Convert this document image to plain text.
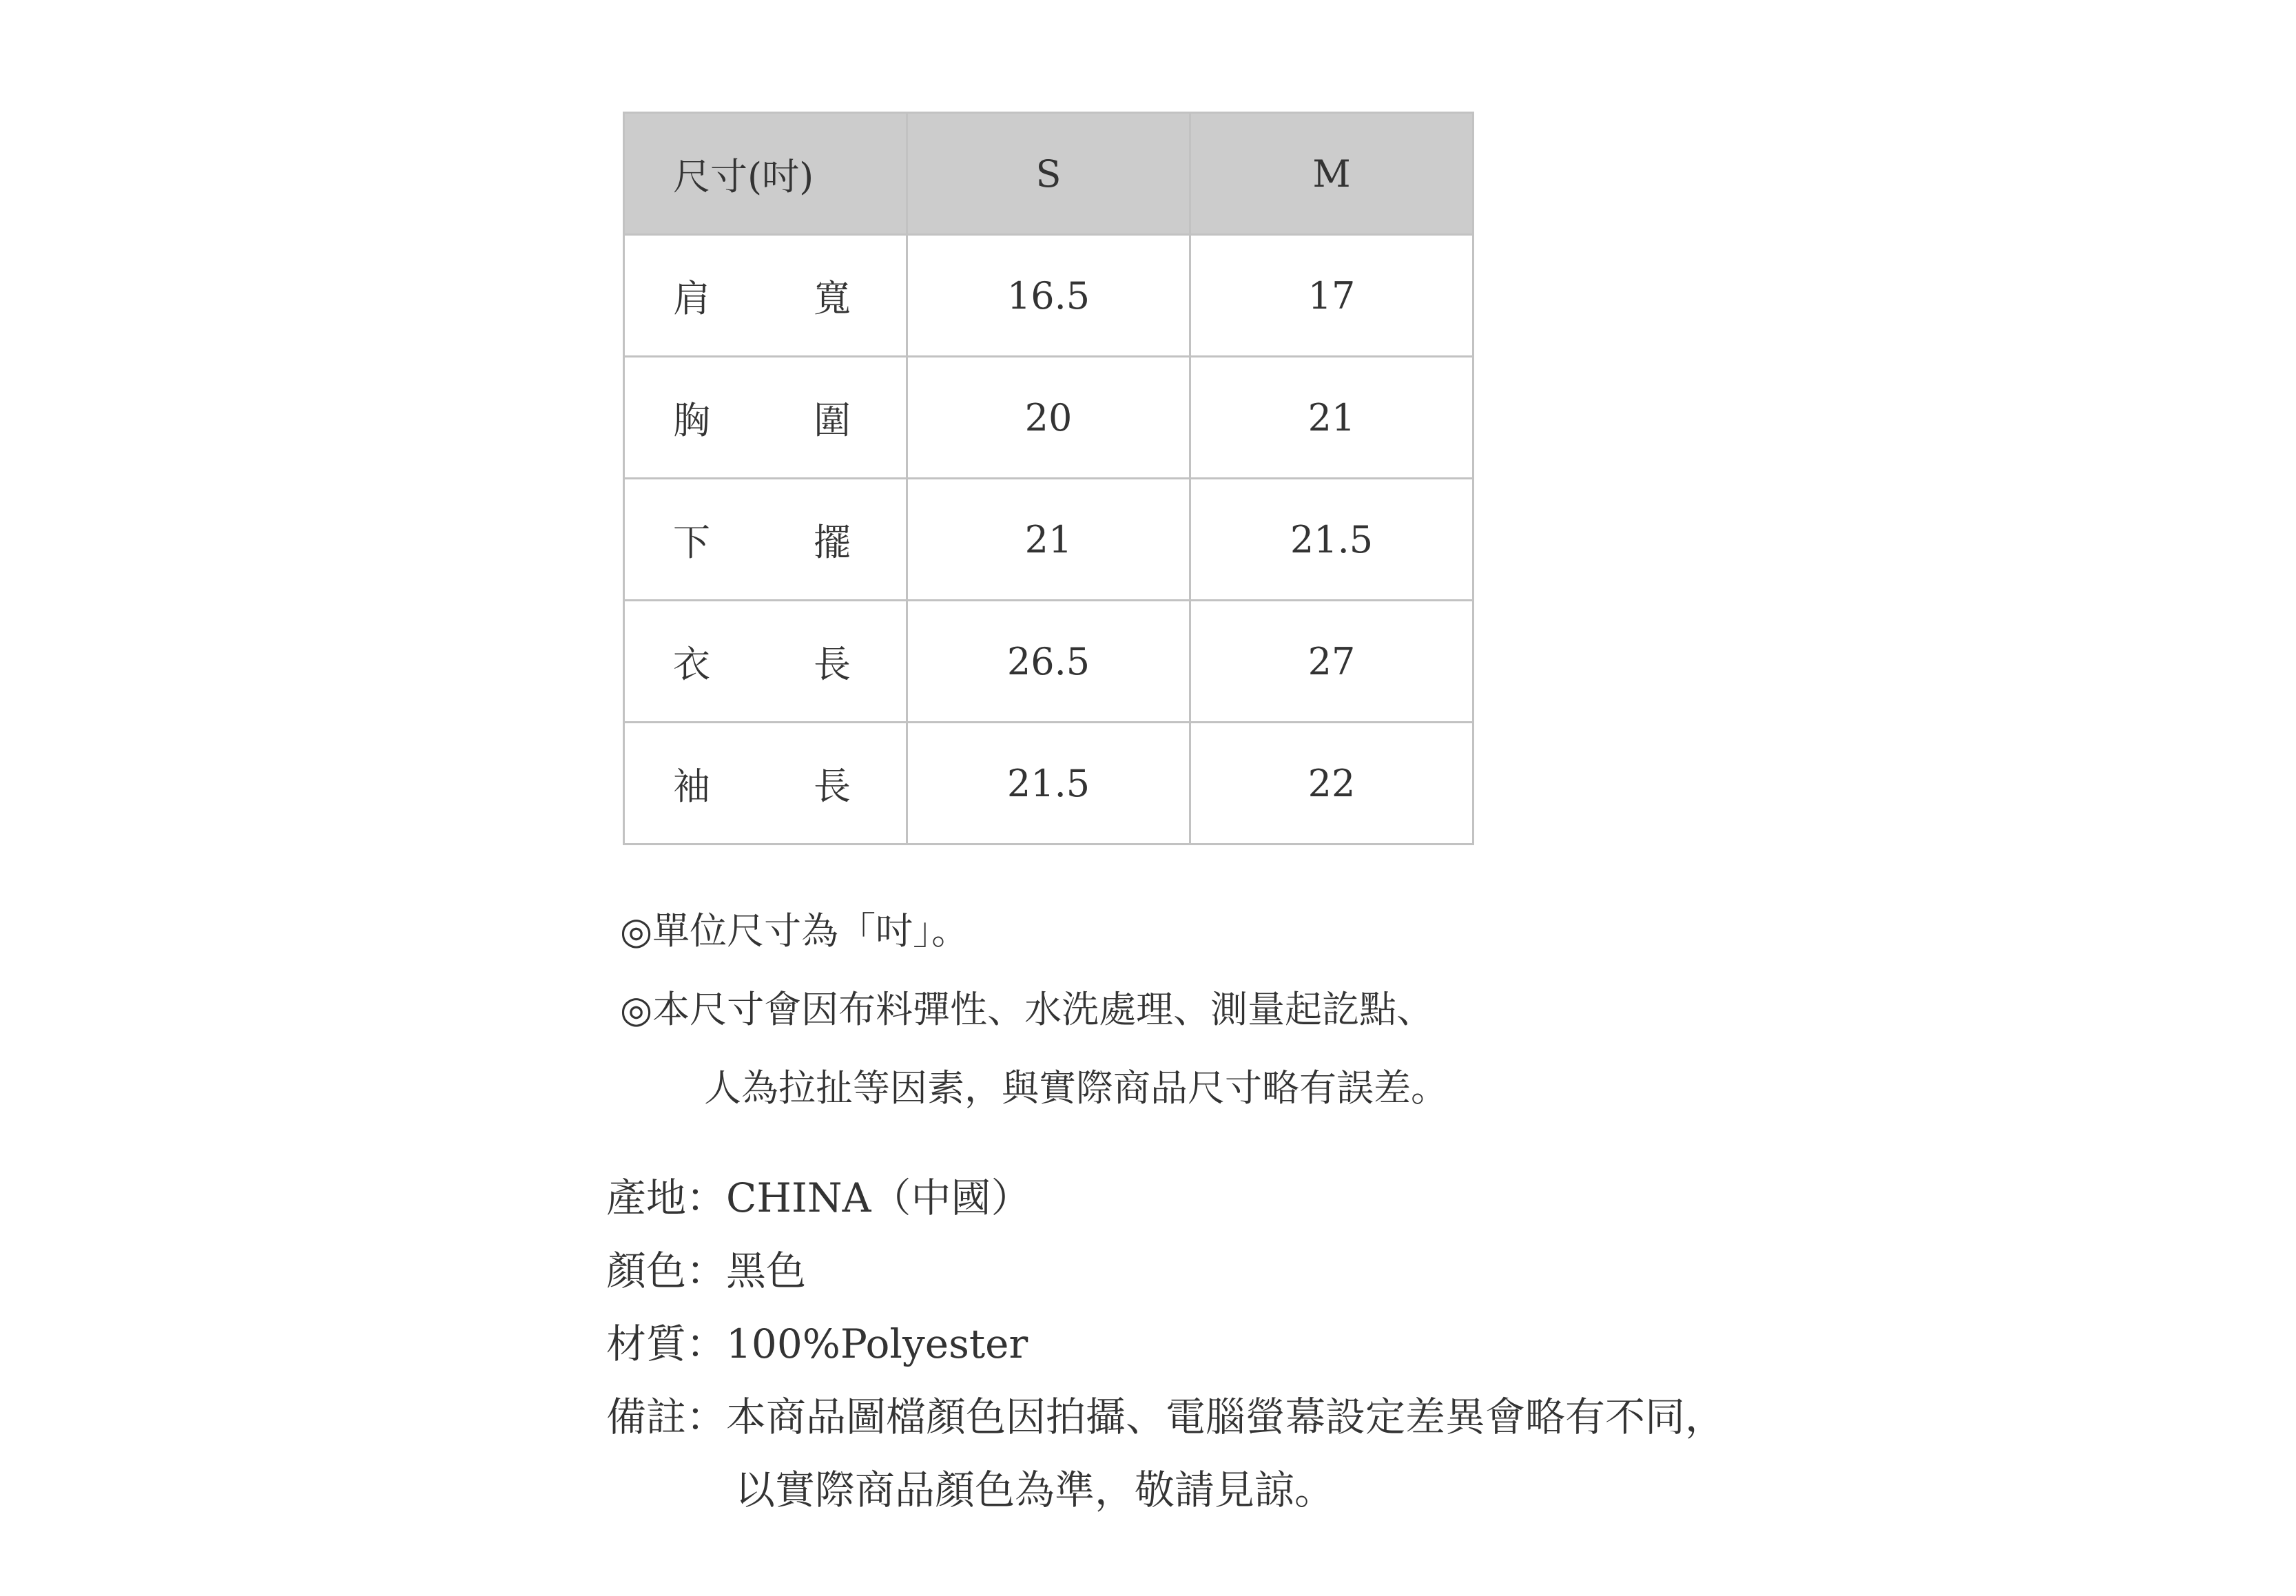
尺寸(吋)	S	M
肩寬	16.5	17
胸圍	20	21
下擺	21	21.5
衣長	26.5	27
袖長	21.5	22
◎單位尺寸為「吋」。
◎本尺寸會因布料彈性、水洗處理、測量起訖點、
人為拉扯等因素，與實際商品尺寸略有誤差。
產地： CHINA（中國）
顏色： 黑色
材質： 100%Polyester
備註： 本商品圖檔顏色因拍攝、電腦螢幕設定差異會略有不同，
以實際商品顏色為準，敬請見諒。
